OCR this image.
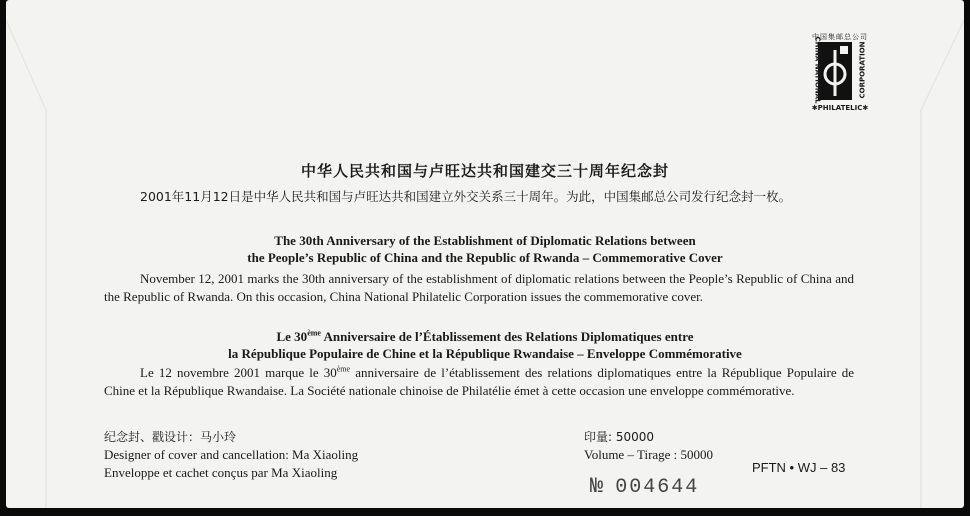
中国集邮总公司
CHINA NATIONAL	CORPORATION
✱PHILATELIC✱
中华人民共和国与卢旺达共和国建交三十周年纪念封

2001年11月12日是中华人民共和国与卢旺达共和国建立外交关系三十周年。为此，中国集邮总公司发行纪念封一枚。

The 30th Anniversary of the Establishment of Diplomatic Relations between
the People’s Republic of China and the Republic of Rwanda – Commemorative Cover

November 12, 2001 marks the 30th anniversary of the establishment of diplomatic relations between the People’s Republic of China and the Republic of Rwanda. On this occasion, China National Philatelic Corporation issues the commemorative cover.

Le 30ème Anniversaire de l’Établissement des Relations Diplomatiques entre
la République Populaire de Chine et la République Rwandaise – Enveloppe Commémorative

Le 12 novembre 2001 marque le 30ème anniversaire de l’établissement des relations diplomatiques entre la République Populaire de Chine et la République Rwandaise. La Société nationale chinoise de Philatélie émet à cette occasion une enveloppe commémorative.

纪念封、戳设计：马小玲
Designer of cover and cancellation: Ma Xiaoling
Enveloppe et cachet conçus par Ma Xiaoling
印量: 50000
Volume – Tirage : 50000
PFTN • WJ – 83
№ 004644
